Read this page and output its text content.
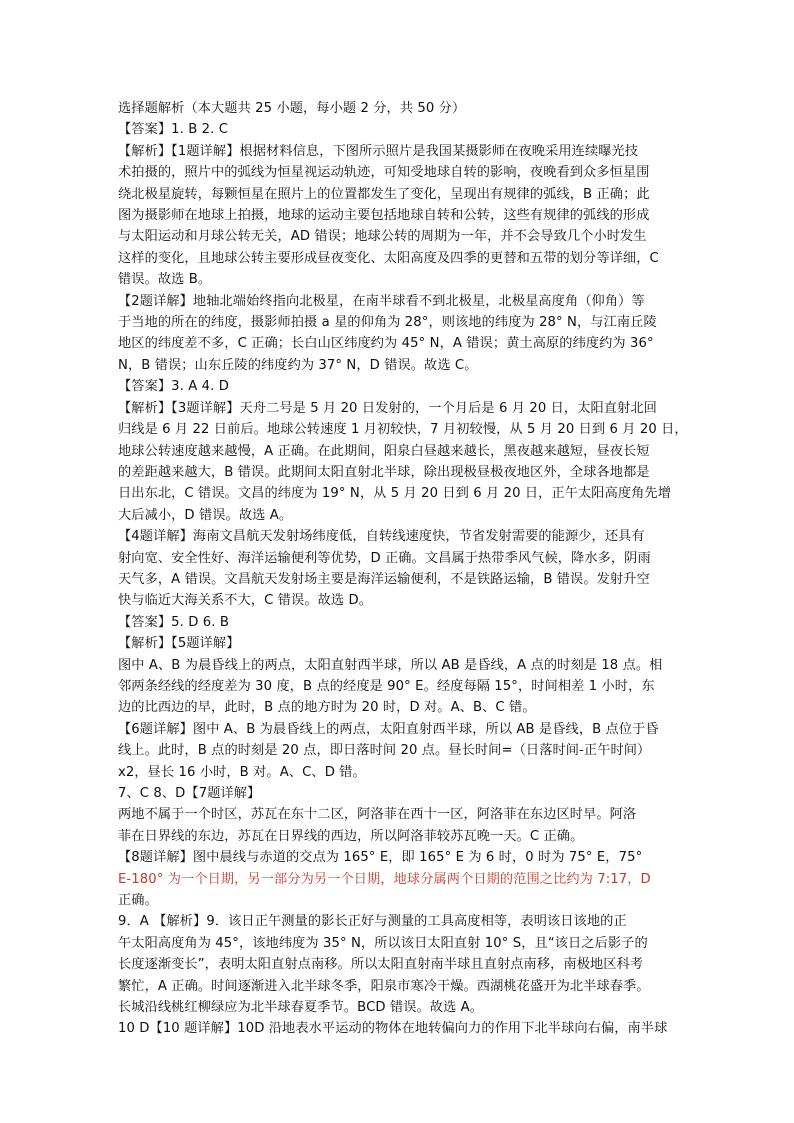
选择题解析（本大题共 25 小题，每小题 2 分，共 50 分）
【答案】1. B 2. C
【解析】【1题详解】根据材料信息，下图所示照片是我国某摄影师在夜晚采用连续曝光技
术拍摄的，照片中的弧线为恒星视运动轨迹，可知受地球自转的影响，夜晚看到众多恒星围
绕北极星旋转，每颗恒星在照片上的位置都发生了变化，呈现出有规律的弧线，B 正确；此
图为摄影师在地球上拍摄，地球的运动主要包括地球自转和公转，这些有规律的弧线的形成
与太阳运动和月球公转无关，AD 错误；地球公转的周期为一年，并不会导致几个小时发生
这样的变化，且地球公转主要形成昼夜变化、太阳高度及四季的更替和五带的划分等详细，C
错误。故选 B。
【2题详解】地轴北端始终指向北极星，在南半球看不到北极星，北极星高度角（仰角）等
于当地的所在的纬度，摄影师拍摄 a 星的仰角为 28°，则该地的纬度为 28° N，与江南丘陵
地区的纬度差不多，C 正确；长白山区纬度约为 45° N，A 错误；黄土高原的纬度约为 36°
N，B 错误；山东丘陵的纬度约为 37° N，D 错误。故选 C。
【答案】3. A 4. D
【解析】【3题详解】天舟二号是 5 月 20 日发射的，一个月后是 6 月 20 日，太阳直射北回
归线是 6 月 22 日前后。地球公转速度 1 月初较快，7 月初较慢，从 5 月 20 日到 6 月 20 日，
地球公转速度越来越慢，A 正确。在此期间，阳泉白昼越来越长，黑夜越来越短，昼夜长短
的差距越来越大，B 错误。此期间太阳直射北半球，除出现极昼极夜地区外，全球各地都是
日出东北，C 错误。文昌的纬度为 19° N，从 5 月 20 日到 6 月 20 日，正午太阳高度角先增
大后减小，D 错误。故选 A。
【4题详解】海南文昌航天发射场纬度低，自转线速度快，节省发射需要的能源少，还具有
射向宽、安全性好、海洋运输便利等优势，D 正确。文昌属于热带季风气候，降水多，阴雨
天气多，A 错误。文昌航天发射场主要是海洋运输便利，不是铁路运输，B 错误。发射升空
快与临近大海关系不大，C 错误。故选 D。
【答案】5. D 6. B
【解析】【5题详解】
图中 A、B 为晨昏线上的两点，太阳直射西半球，所以 AB 是昏线，A 点的时刻是 18 点。相
邻两条经线的经度差为 30 度，B 点的经度是 90° E。经度每隔 15°，时间相差 1 小时，东
边的比西边的早，此时，B 点的地方时为 20 时，D 对。A、B、C 错。
【6题详解】图中 A、B 为晨昏线上的两点，太阳直射西半球，所以 AB 是昏线，B 点位于昏
线上。此时，B 点的时刻是 20 点，即日落时间 20 点。昼长时间=（日落时间-正午时间）
x2，昼长 16 小时，B 对。A、C、D 错。
7、C 8、D【7题详解】
两地不属于一个时区，苏瓦在东十二区，阿洛菲在西十一区，阿洛菲在东边区时早。阿洛
菲在日界线的东边，苏瓦在日界线的西边，所以阿洛菲较苏瓦晚一天。C 正确。
【8题详解】图中晨线与赤道的交点为 165° E，即 165° E 为 6 时，0 时为 75° E，75°
E-180° 为一个日期，另一部分为另一个日期，地球分属两个日期的范围之比约为 7:17，D
正确。
9．A 【解析】9．该日正午测量的影长正好与测量的工具高度相等，表明该日该地的正
午太阳高度角为 45°，该地纬度为 35° N，所以该日太阳直射 10° S，且“该日之后影子的
长度逐渐变长”，表明太阳直射点南移。所以太阳直射南半球且直射点南移，南极地区科考
繁忙，A 正确。时间逐渐进入北半球冬季，阳泉市寒冷干燥。西湖桃花盛开为北半球春季。
长城沿线桃红柳绿应为北半球春夏季节。BCD 错误。故选 A。
10 D【10 题详解】10D 沿地表水平运动的物体在地转偏向力的作用下北半球向右偏，南半球
